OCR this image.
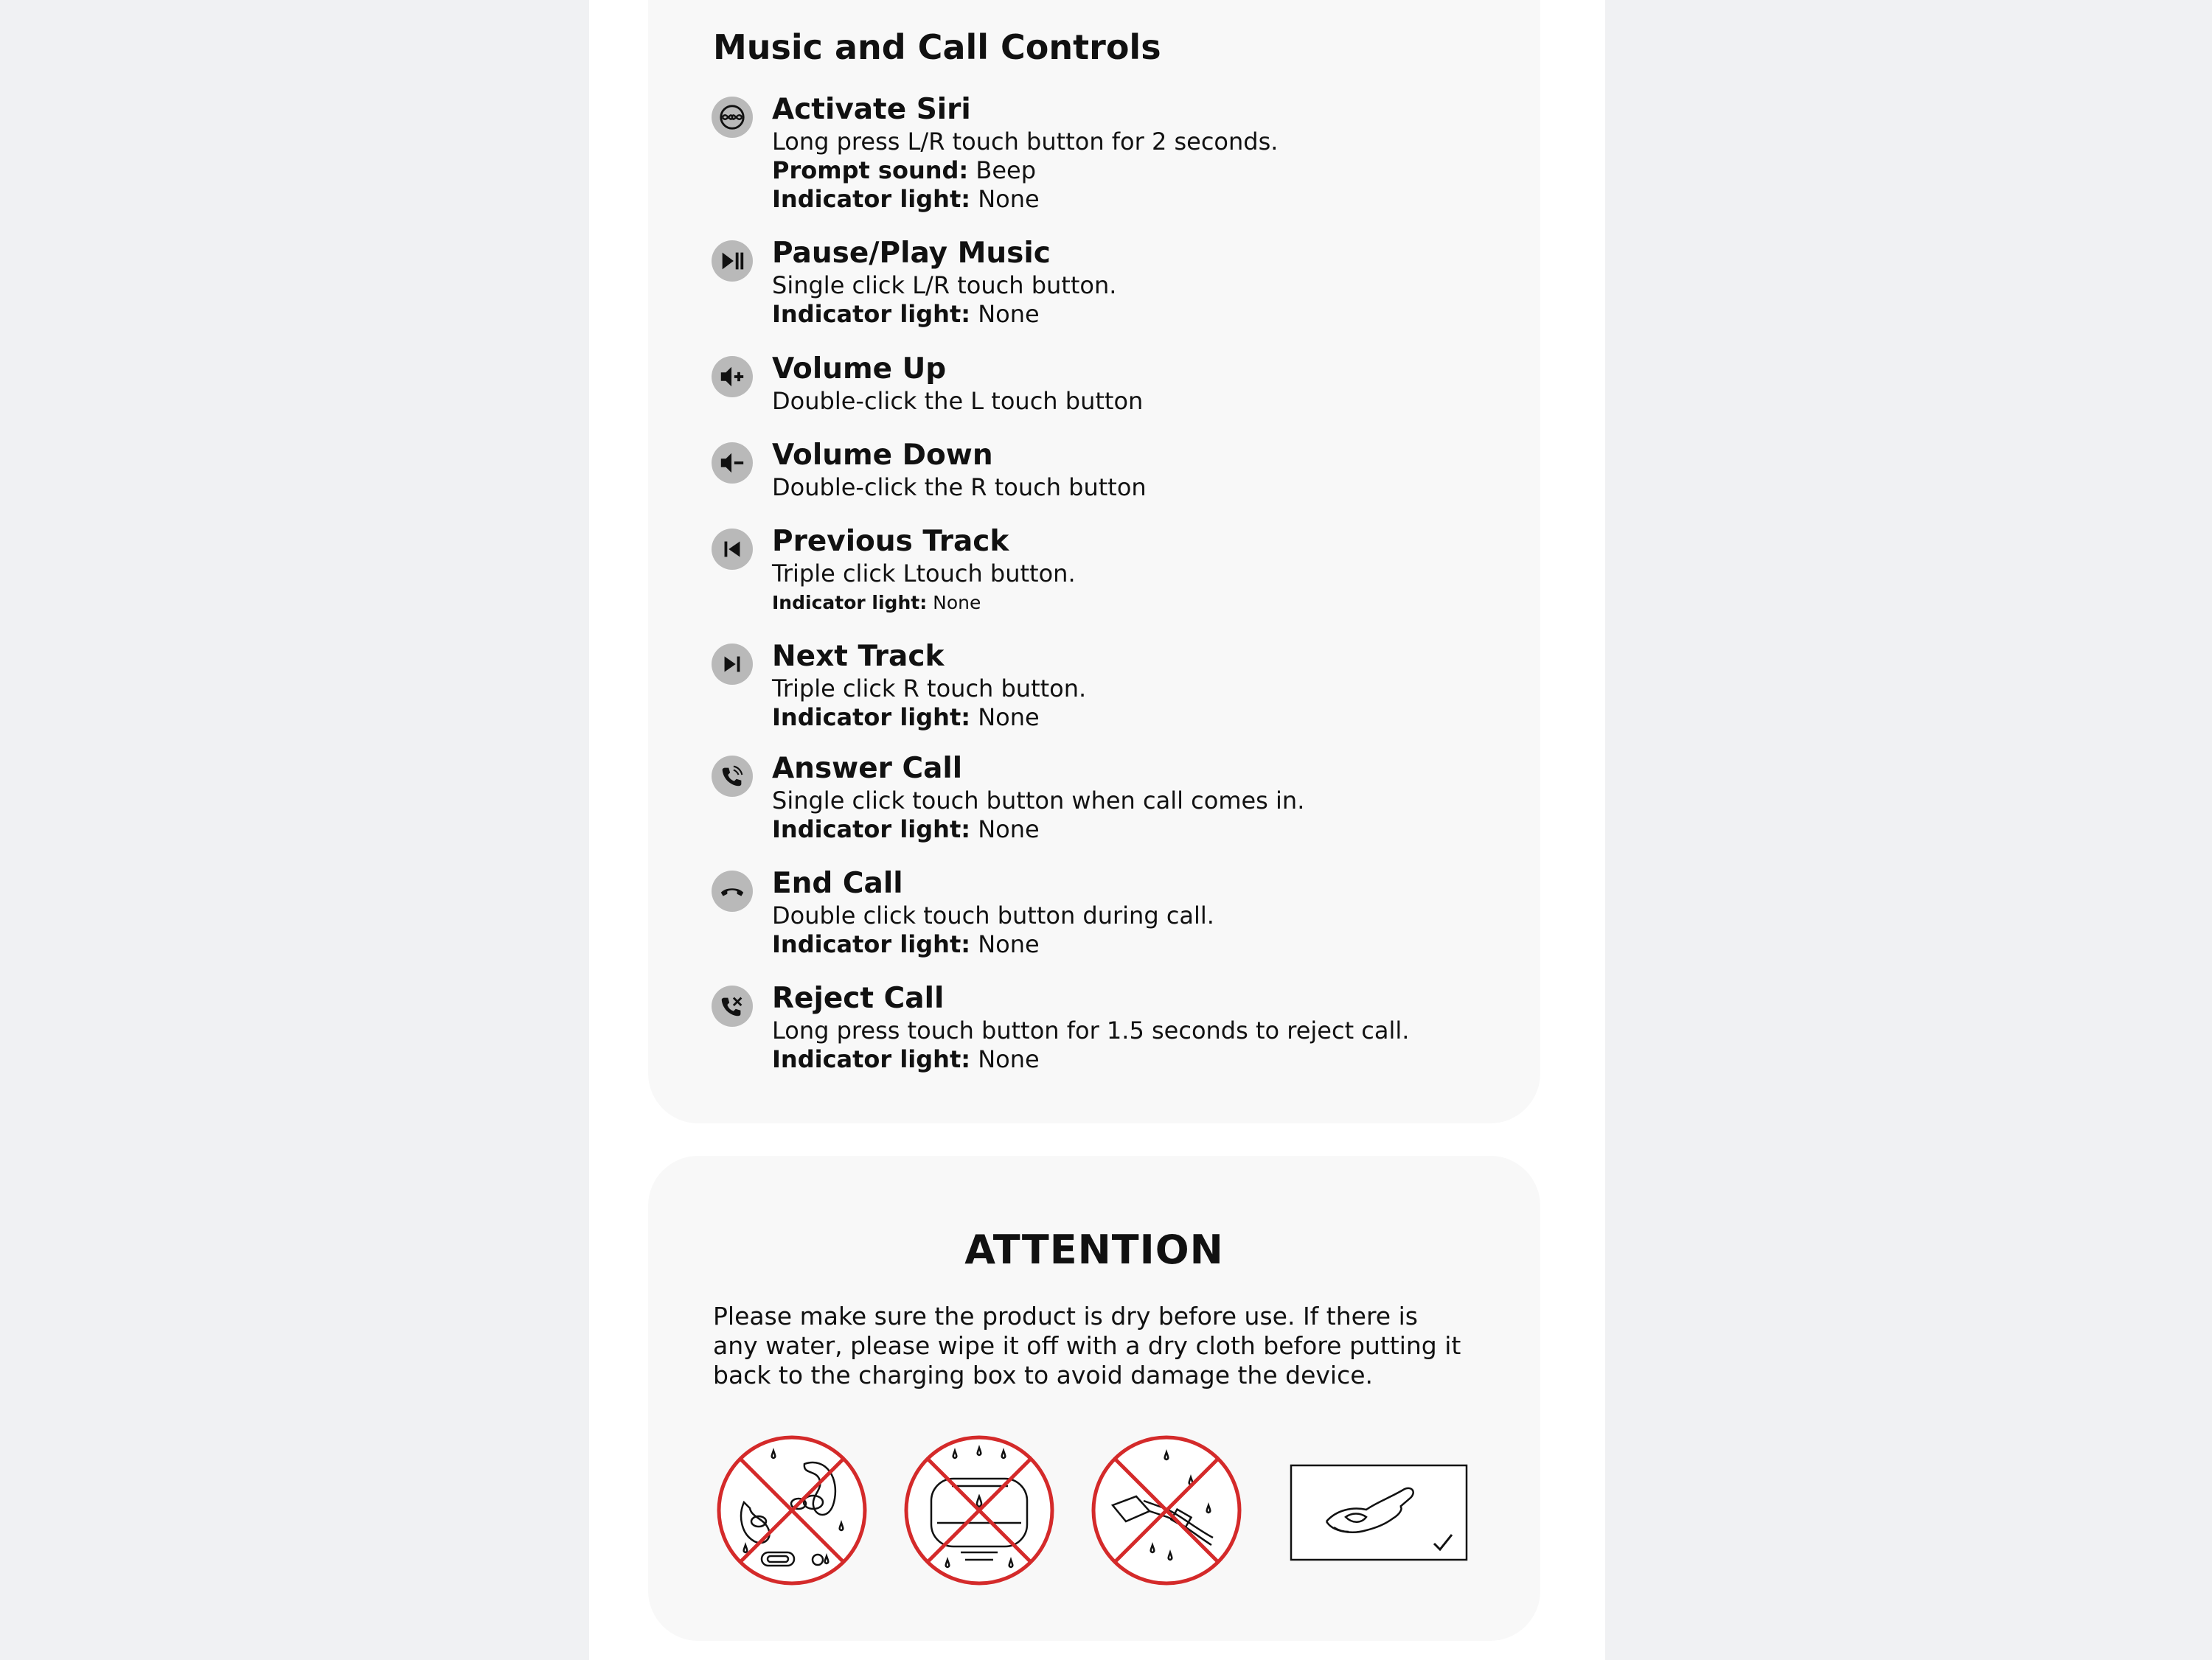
Music and Call Controls
Activate Siri
Long press L/R touch button for 2 seconds.
Prompt sound: Beep
Indicator light: None
Pause/Play Music
Single click L/R touch button.
Indicator light: None
Volume Up
Double-click the L touch button
Volume Down
Double-click the R touch button
Previous Track
Triple click Ltouch button.
Indicator light: None
Next Track
Triple click R touch button.
Indicator light: None
Answer Call
Single click touch button when call comes in.
Indicator light: None
End Call
Double click touch button during call.
Indicator light: None
Reject Call
Long press touch button for 1.5 seconds to reject call.
Indicator light: None
ATTENTION

Please make sure the product is dry before use. If there is any water, please wipe it off with a dry cloth before putting it back to the charging box to avoid damage the device.
